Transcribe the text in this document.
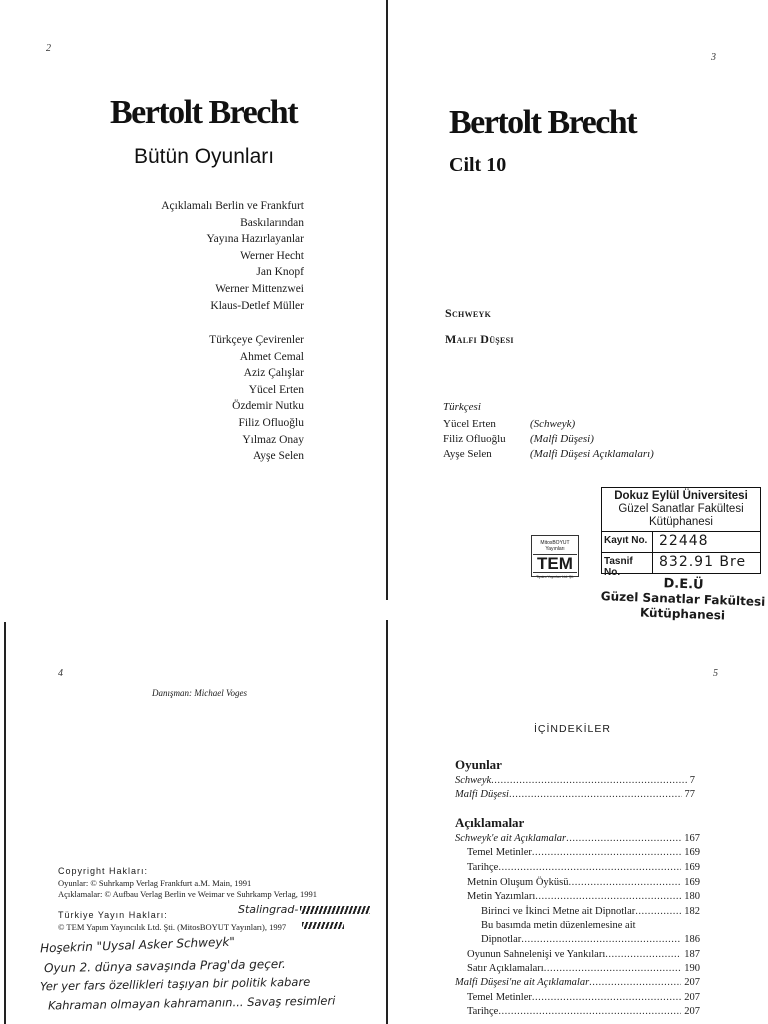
2
Bertolt Brecht
Bütün Oyunları
Açıklamalı Berlin ve Frankfurt
Baskılarından
Yayına Hazırlayanlar
Werner Hecht
Jan Knopf
Werner Mittenzwei
Klaus-Detlef Müller
Türkçeye Çevirenler
Ahmet Cemal
Aziz Çalışlar
Yücel Erten
Özdemir Nutku
Filiz Ofluoğlu
Yılmaz Onay
Ayşe Selen
3
Bertolt Brecht
Cilt 10
Schweyk
Malfi Düşesi
Türkçesi
Yücel Erten	(Schweyk)
Filiz Ofluoğlu (Malfi Düşesi)
Ayşe Selen	(Malfi Düşesi Açıklamaları)
MitosBOYUT Yayınları
TEM
Tiyatro Yayınları Ltd. Şti.
Dokuz Eylül Üniversitesi
Güzel Sanatlar Fakültesi
Kütüphanesi
Kayıt No. 22448
Tasnif No.
832.91 Bre
D.E.Ü
Güzel Sanatlar Fakültesi
Kütüphanesi
4
Danışman: Michael Voges
Copyright Hakları:
Oyunlar: © Suhrkamp Verlag Frankfurt a.M. Main, 1991
Açıklamalar: © Aufbau Verlag Berlin ve Weimar ve Suhrkamp Verlag, 1991
Türkiye Yayın Hakları:
© TEM Yapım Yayıncılık Ltd. Şti. (MitosBOYUT Yayınları), 1997
Stalingrad-
Hoşekrin "Uysal Asker Schweyk"
Oyun 2. dünya savaşında Prag'da geçer.
Yer yer fars özellikleri taşıyan bir politik kabare
Kahraman olmayan kahramanın... Savaş resimleri
5
İÇİNDEKİLER
Oyunlar
Schweyk .....	7
Malfi Düşesi .....	77
Açıklamalar
Schweyk'e ait Açıklamalar .....	167
Temel Metinler .....	169
Tarihçe .....	169
Metnin Oluşum Öyküsü .....	169
Metin Yazımları .....	180
Birinci ve İkinci Metne ait Dipnotlar .....	182
Bu basımda metin düzenlemesine ait
Dipnotlar .....	186
Oyunun Sahnelenişi ve Yankıları .....	187
Satır Açıklamaları .....	190
Malfi Düşesi'ne ait Açıklamalar .....	207
Temel Metinler .....	207
Tarihçe .....	207
